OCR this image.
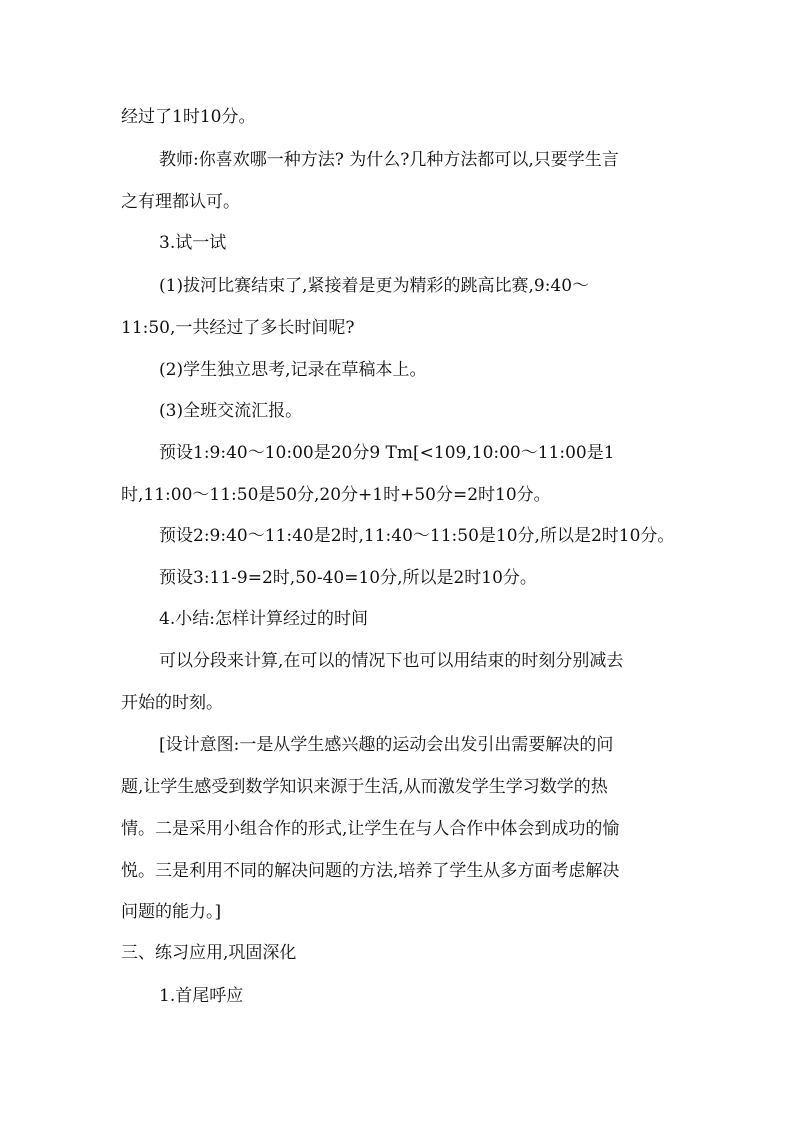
经过了1时10分。
教师:你喜欢哪一种方法? 为什么?几种方法都可以,只要学生言
之有理都认可。
3.试一试
(1)拔河比赛结束了,紧接着是更为精彩的跳高比赛,9:40～
11:50,一共经过了多长时间呢?
(2)学生独立思考,记录在草稿本上。
(3)全班交流汇报。
预设1:9:40～10:00是20分9 Tm[<109,10:00～11:00是1
时,11:00～11:50是50分,20分+1时+50分=2时10分。
预设2:9:40～11:40是2时,11:40～11:50是10分,所以是2时10分。
预设3:11-9=2时,50-40=10分,所以是2时10分。
4.小结:怎样计算经过的时间
可以分段来计算,在可以的情况下也可以用结束的时刻分别减去
开始的时刻。
[设计意图:一是从学生感兴趣的运动会出发引出需要解决的问
题,让学生感受到数学知识来源于生活,从而激发学生学习数学的热
情。二是采用小组合作的形式,让学生在与人合作中体会到成功的愉
悦。三是利用不同的解决问题的方法,培养了学生从多方面考虑解决
问题的能力。]
三、练习应用,巩固深化
1.首尾呼应
